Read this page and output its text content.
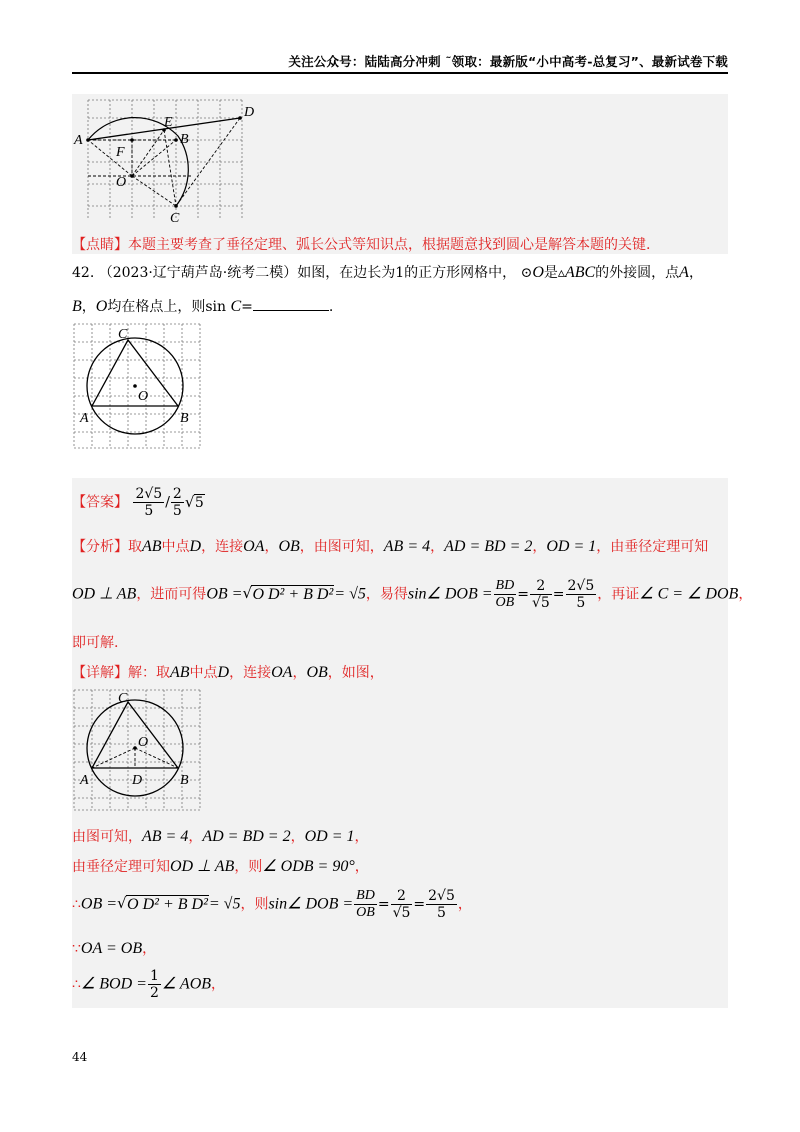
关注公众号：陆陆高分冲刺 ˜领取：最新版“小中高考-总复习”、最新试卷下载
A	B
C
D
E
F
O
【点睛】本题主要考查了垂径定理、弧长公式等知识点，根据题意找到圆心是解答本题的关键.
42. （2023·辽宁葫芦岛·统考二模）如图，在边长为1的正方形网格中， ⊙O是▵ABC的外接圆，点A，
B，O均在格点上，则sin C=	.
A	B
C
O
【答案】 $\frac{2√5}{5} / \frac{2}{5}$ √ 5
【分析】取AB中点D，连接OA，OB，由图可知，AB = 4，AD = BD = 2，OD = 1，由垂径定理可知
OD ⊥ AB，进而可得OB = √ O D² + B D²= √5，易得sin∠ DOB = $\frac{BD}{OB} = \frac{2}{√5} = \frac{2√5}{5}$ ，再证∠ C = ∠ DOB，
即可解.
【详解】解：取AB中点D，连接OA，OB，如图，
A	B
C
D
O
由图可知，AB = 4，AD = BD = 2，OD = 1，
由垂径定理可知OD ⊥ AB，则∠ ODB = 90°，
∴OB = √ O D² + B D²= √5，则sin∠ DOB = $\frac{BD}{OB} = \frac{2}{√5} = \frac{2√5}{5}$ ，
∵OA = OB，
∴∠ BOD = $\frac{1}{2}$ ∠ AOB，
44
